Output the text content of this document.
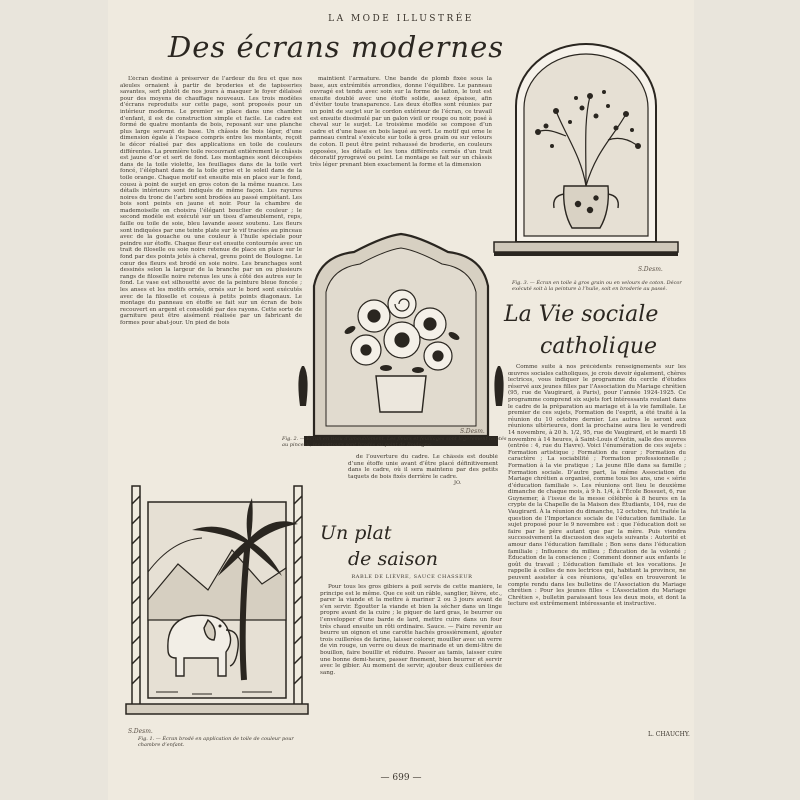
LA MODE ILLUSTRÉE
Des écrans modernes

L’écran destiné à préserver de l’ardeur du feu et que nos aïeules ornaient à partir de broderies et de tapisseries savantes, sert plutôt de nos jours à masquer le foyer délaissé pour des moyens de chauffage nouveaux. Les trois modèles d’écrans reproduits sur cette page, sont proposés pour un intérieur moderne. Le premier se place dans une chambre d’enfant, il est de construction simple et facile. Le cadre est formé de quatre montants de bois, reposant sur une planche plus large servant de base. Un châssis de bois léger, d’une dimension égale à l’espace compris entre les montants, reçoit le décor réalisé par des applications en toile de couleurs différentes. La première toile recouvrant entièrement le châssis est jaune d’or et sert de fond. Les montagnes sont découpées dans de la toile violette, les feuillages dans de la toile vert foncé, l’éléphant dans de la toile grise et le soleil dans de la toile orange. Chaque motif est ensuite mis en place sur le fond, cousu à point de surjet en gros coton de la même nuance. Les détails intérieurs sont indiqués de même façon. Les rayures noires du tronc de l’arbre sont brodées au passé empiétant. Les bois sont peints en jaune et noir. Pour la chambre de mademoiselle on choisira l’élégant bouclier de couleur ; le second modèle est exécuté sur un tissu d’ameublement, reps, faille ou toile de soie, bleu lavande assez soutenu. Les fleurs sont indiquées par une teinte plate sur le vif tracées au pinceau avec de la gouache ou une couleur à l’huile spéciale pour peindre sur étoffe. Chaque fleur est ensuite contournée avec un trait de filoselle ou soie noire retenue de place en place sur le fond par des points jetés à cheval, grenu point de Boulogne. Le cœur des fleurs est brodé en soie noire. Les branchages sont dessinés selon la largeur de la branche par un ou plusieurs rangs de filoselle noire retenus les uns à côté des autres sur le fond. Le vase est silhouetté avec de la peinture bleue foncée ; les anses et les motifs ornés, ornés sur le bord sont exécutés avec de la filoselle et cousus à petits points diagonaux. Le montage du panneau en étoffe se fait sur un écran de bois recouvert en argent et consolidé par des rayons. Cette sorte de garniture peut être aisément réalisée par un fabricant de formes pour abat-jour. Un pied de bois

maintient l’armature. Une bande de plomb fixée sous la base, aux extrémités arrondies, donne l’équilibre. Le panneau ouvragé est tendu avec soin sur la forme de laiton, le tout est ensuite doublé avec une étoffe solide, assez épaisse, afin d’éviter toute transparence. Les deux étoffes sont réunies par un point de surjet sur le cordon extérieur de l’écran, ce travail est ensuite dissimulé par un galon vieil or rouge ou noir, posé à cheval sur le surjet. Le troisième modèle se compose d’un cadre et d’une base en bois laqué au vert. Le motif qui orne le panneau central s’exécute sur toile à gros grain ou sur velours de coton. Il peut être peint rehaussé de broderie, en couleurs opposées, les détails et les tons différents cernés d’un trait décoratif pyrogravé ou peint. Le montage se fait sur un châssis très léger prenant bien exactement la forme et la dimension

S.Desm.
Fig. 3. — Écran en toile à gros grain ou en velours de coton. Décor exécuté soit à la peinture à l’huile, soit en broderie au passé.
S.Desm.
Fig. 2. — Écran en tissu d’ameublement. Les fleurs et feuillages sont légèrement teintés au pinceau, les contours sont brodés au point de Boulogne.
La Vie sociale
catholique

Comme suite à nos précédents renseignements sur les œuvres sociales catholiques, je crois devoir également, chères lectrices, vous indiquer le programme du cercle d’études réservé aux jeunes filles par l’Association du Mariage chrétien (95, rue de Vaugirard, à Paris), pour l’année 1924-1925. Ce programme comprend six sujets fort intéressants roulant dans le cadre de la préparation au mariage et à la vie familiale. Le premier de ces sujets, Formation de l’esprit, a été traité à la réunion du 10 octobre dernier. Les autres le seront aux réunions ultérieures, dont la prochaine aura lieu le vendredi 14 novembre, à 20 h. 1/2, 95, rue de Vaugirard, et le mardi 18 novembre à 14 heures, à Saint-Louis d’Antin, salle des œuvres (entrée : 4, rue du Havre). Voici l’énumération de ces sujets : Formation artistique ; Formation du cœur ; Formation du caractère ; La sociabilité ; Formation professionnelle ; Formation à la vie pratique ; La jeune fille dans sa famille ; Formation sociale. D’autre part, la même Association du Mariage chrétien a organisé, comme tous les ans, une « série d’éducation familiale ». Les réunions ont lieu le deuxième dimanche de chaque mois, à 9 h. 1/4, à l’École Bossuet, 6, rue Guynemer, à l’issue de la messe célébrée à 8 heures en la crypte de la Chapelle de la Maison des Étudiants, 104, rue de Vaugirard. À la réunion du dimanche, 12 octobre, fut traitée la question de l’Importance sociale de l’éducation familiale. Le sujet proposé pour le 9 novembre est : que l’éducation doit se faire par le père autant que par la mère. Puis viendra successivement la discussion des sujets suivants : Autorité et amour dans l’éducation familiale ; Bon sens dans l’éducation familiale ; Influence du milieu ; Éducation de la volonté ; Éducation de la conscience ; Comment donner aux enfants le goût du travail ; L’éducation familiale et les vocations. Je rappelle à celles de nos lectrices qui, habitant la province, ne peuvent assister à ces réunions, qu’elles en trouveront le compte rendu dans les bulletins de l’Association du Mariage chrétien : Pour les jeunes filles « L’Association du Mariage Chrétien », bulletin paraissant tous les deux mois, et dont la lecture est extrêmement intéressante et instructive.

L. CHAUCHY.

de l’ouverture du cadre. Le châssis est doublé d’une étoffe unie avant d’être placé définitivement dans le cadre, où il sera maintenu par des petits taquets de bois fixés derrière le cadre.

JO.
S.Desm.
Fig. 1. — Écran brodé en application de toile de couleur pour chambre d’enfant.
Un plat
de saison
RABLE DE LIÈVRE, SAUCE CHASSEUR

Pour tous les gros gibiers à poil servis de cette manière, le principe est le même. Que ce soit un râble, sanglier, lièvre, etc., parer la viande et la mettre à mariner 2 ou 3 jours avant de s’en servir. Égoutter la viande et bien la sécher dans un linge propre avant de la cuire ; le piquer de lard gras, le beurrer ou l’envelopper d’une barde de lard, mettre cuire dans un four très chaud ensuite un rôti ordinaire. Sauce. — Faire revenir au beurre un oignon et une carotte hachés grossièrement, ajouter trois cuillerées de farine, laisser colorer, mouiller avec un verre de vin rouge, un verre ou deux de marinade et un demi-litre de bouillon, faire bouillir et réduire. Passer au tamis, laisser cuire une bonne demi-heure, passer finement, bien beurrer et servir avec le gibier. Au moment de servir, ajouter deux cuillerées de sang.

— 699 —
